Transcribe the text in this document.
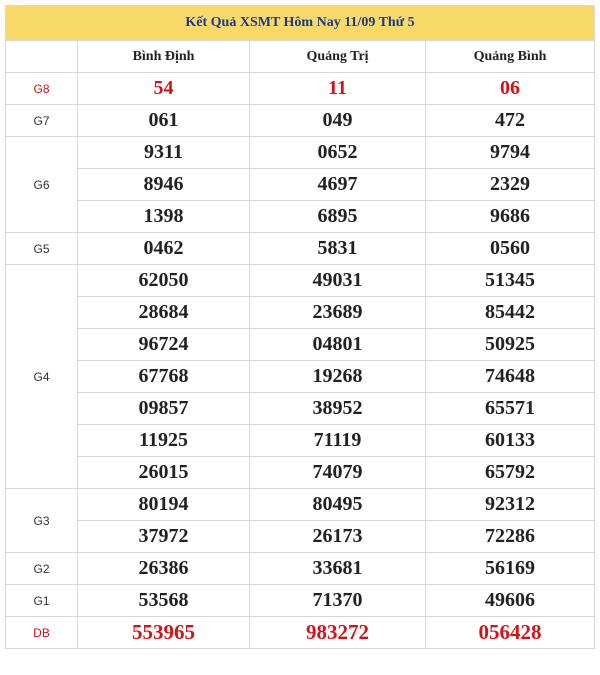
Kết Quả XSMT Hôm Nay 11/09 Thứ 5			
	Bình Định	Quảng Trị	Quảng Bình
G8	54	11	06
G7	061	049	472
G6	9311	0652	9794
	8946	4697	2329
	1398	6895	9686
G5	0462	5831	0560
G4	62050	49031	51345
	28684	23689	85442
	96724	04801	50925
	67768	19268	74648
	09857	38952	65571
	11925	71119	60133
	26015	74079	65792
G3	80194	80495	92312
	37972	26173	72286
G2	26386	33681	56169
G1	53568	71370	49606
DB	553965	983272	056428
